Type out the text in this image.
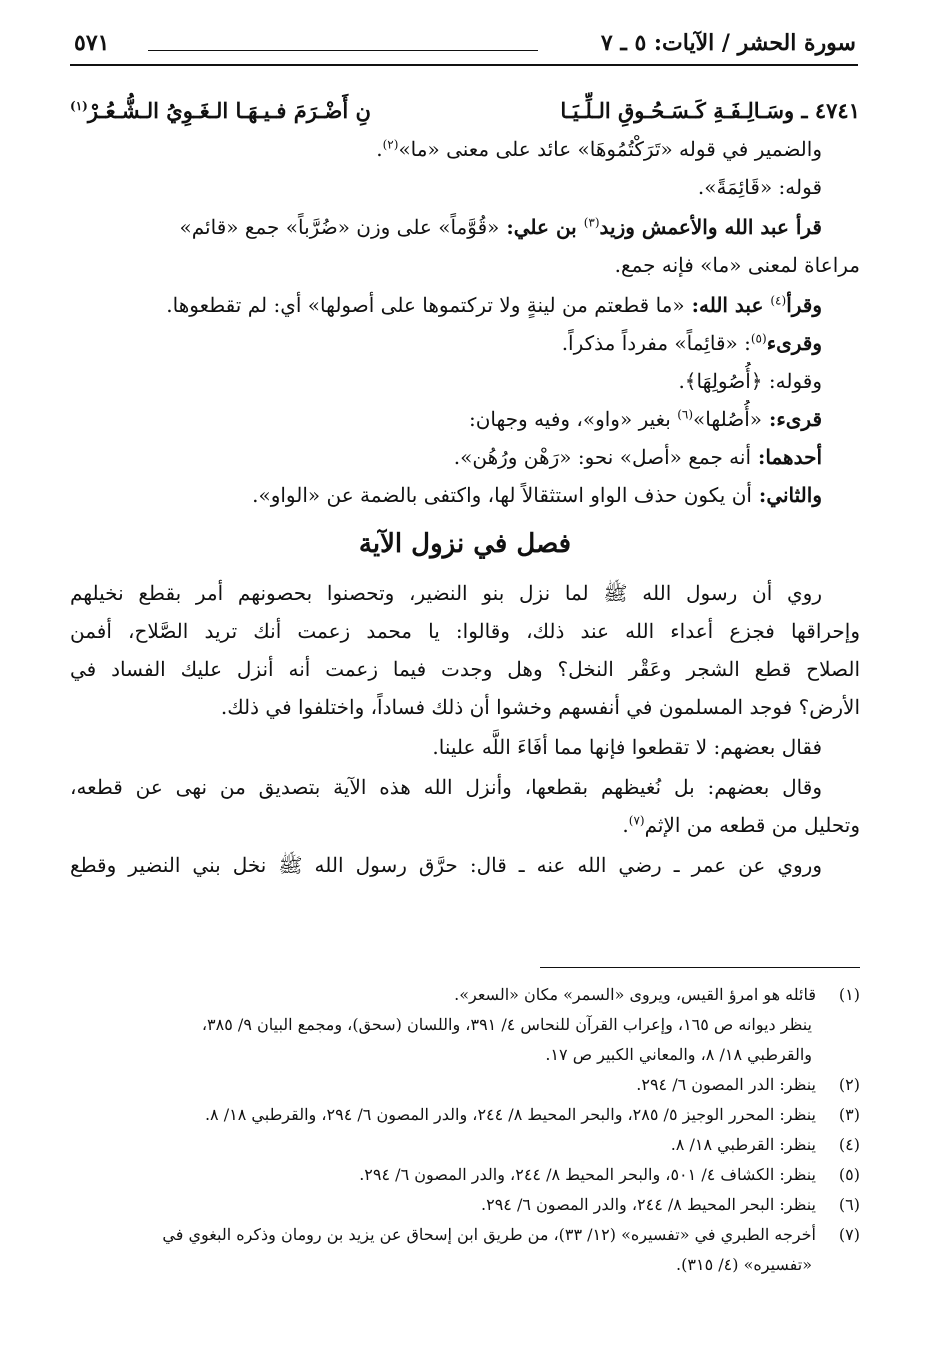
سورة الحشر / الآيات: ٥ ـ ٧
٥٧١
٤٧٤١ ـ وسَـالِـفَـةِ كَـسَـحُـوقِ الـلِّـيَـا
نِ أَضْـرَمَ فـيـهَـا الـغَـوِيُ الـشُّـعُـرْ$^{(١)}$
والضمير في قوله «تَرَكْتُمُوهَا» عائد على معنى «ما»$^{(٢)}$.
قوله: «قَائِمَةً».
قرأ عبد الله والأعمش وزيد$^{(٣)}$ بن علي: «قُوَّماً» على وزن «ضُرَّباً» جمع «قائم»
مراعاة لمعنى «ما» فإنه جمع.
وقرأ$^{(٤)}$ عبد الله: «ما قطعتم من لينةٍ ولا تركتموها على أصولها» أي: لم تقطعوها.
وقرىء$^{(٥)}$: «قائِماً» مفرداً مذكراً.
وقوله: ﴿أُصُولِهَا﴾.
قرىء: «أُصُلها»$^{(٦)}$ بغير «واو»، وفيه وجهان:
أحدهما: أنه جمع «أصل» نحو: «رَهْن ورُهُن».
والثاني: أن يكون حذف الواو استثقالاً لها، واكتفى بالضمة عن «الواو».
فصل في نزول الآية
روي أن رسول الله ﷺ لما نزل بنو النضير، وتحصنوا بحصونهم أمر بقطع نخيلهم
وإحراقها فجزع أعداء الله عند ذلك، وقالوا: يا محمد زعمت أنك تريد الصَّلاح، أفمن
الصلاح قطع الشجر وعَقْر النخل؟ وهل وجدت فيما زعمت أنه أنزل عليك الفساد في
الأرض؟ فوجد المسلمون في أنفسهم وخشوا أن ذلك فساداً، واختلفوا في ذلك.
فقال بعضهم: لا تقطعوا فإنها مما أفَاءَ اللَّه علينا.
وقال بعضهم: بل نُغيظهم بقطعها، وأنزل الله هذه الآية بتصديق من نهى عن قطعه،
وتحليل من قطعه من الإثم$^{(٧)}$.
وروي عن عمر ـ رضي الله عنه ـ قال: حرَّق رسول الله ﷺ نخل بني النضير وقطع
(١)قائله هو امرؤ القيس، ويروى «السمر» مكان «السعر».
ينظر ديوانه ص ١٦٥، وإعراب القرآن للنحاس ٤/ ٣٩١، واللسان (سحق)، ومجمع البيان ٩/ ٣٨٥،
والقرطبي ١٨/ ٨، والمعاني الكبير ص ١٧.
(٢)ينظر: الدر المصون ٦/ ٢٩٤.
(٣)ينظر: المحرر الوجيز ٥/ ٢٨٥، والبحر المحيط ٨/ ٢٤٤، والدر المصون ٦/ ٢٩٤، والقرطبي ١٨/ ٨.
(٤)ينظر: القرطبي ١٨/ ٨.
(٥)ينظر: الكشاف ٤/ ٥٠١، والبحر المحيط ٨/ ٢٤٤، والدر المصون ٦/ ٢٩٤.
(٦)ينظر: البحر المحيط ٨/ ٢٤٤، والدر المصون ٦/ ٢٩٤.
(٧)أخرجه الطبري في «تفسيره» (١٢/ ٣٣)، من طريق ابن إسحاق عن يزيد بن رومان وذكره البغوي في
«تفسيره» (٤/ ٣١٥).
